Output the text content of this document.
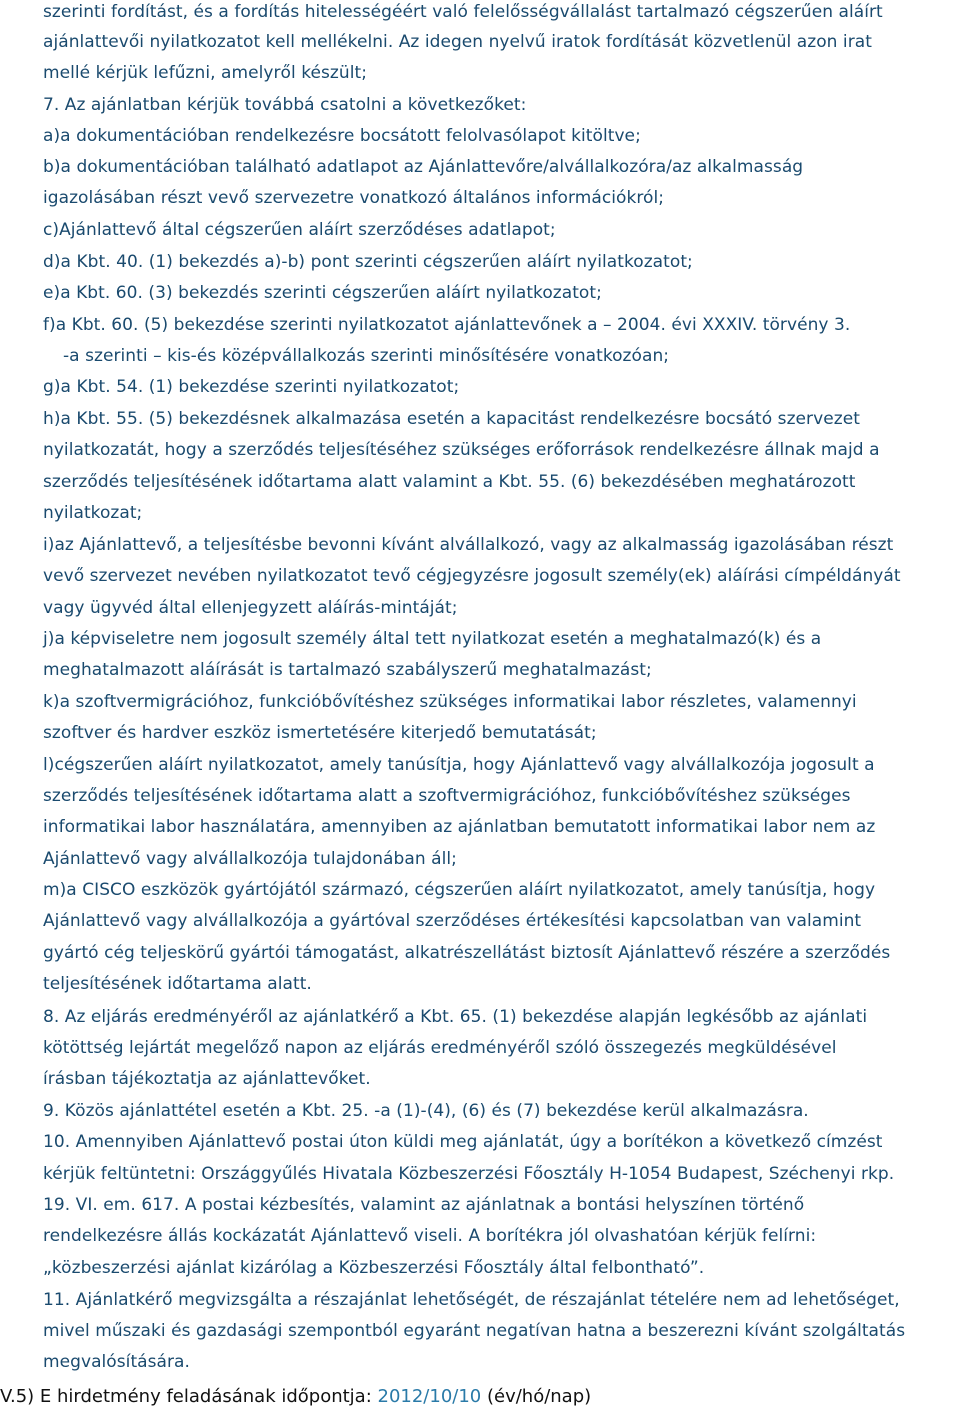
szerinti fordítást, és a fordítás hitelességéért való felelősségvállalást tartalmazó cégszerűen aláírt
ajánlattevői nyilatkozatot kell mellékelni. Az idegen nyelvű iratok fordítását közvetlenül azon irat
mellé kérjük lefűzni, amelyről készült;
7. Az ajánlatban kérjük továbbá csatolni a következőket:
a)a dokumentációban rendelkezésre bocsátott felolvasólapot kitöltve;
b)a dokumentációban található adatlapot az Ajánlattevőre/alvállalkozóra/az alkalmasság
igazolásában részt vevő szervezetre vonatkozó általános információkról;
c)Ajánlattevő által cégszerűen aláírt szerződéses adatlapot;
d)a Kbt. 40. (1) bekezdés a)-b) pont szerinti cégszerűen aláírt nyilatkozatot;
e)a Kbt. 60. (3) bekezdés szerinti cégszerűen aláírt nyilatkozatot;
f)a Kbt. 60. (5) bekezdése szerinti nyilatkozatot ajánlattevőnek a – 2004. évi XXXIV. törvény 3.
-a szerinti – kis-és középvállalkozás szerinti minősítésére vonatkozóan;
g)a Kbt. 54. (1) bekezdése szerinti nyilatkozatot;
h)a Kbt. 55. (5) bekezdésnek alkalmazása esetén a kapacitást rendelkezésre bocsátó szervezet
nyilatkozatát, hogy a szerződés teljesítéséhez szükséges erőforrások rendelkezésre állnak majd a
szerződés teljesítésének időtartama alatt valamint a Kbt. 55. (6) bekezdésében meghatározott
nyilatkozat;
i)az Ajánlattevő, a teljesítésbe bevonni kívánt alvállalkozó, vagy az alkalmasság igazolásában részt
vevő szervezet nevében nyilatkozatot tevő cégjegyzésre jogosult személy(ek) aláírási címpéldányát
vagy ügyvéd által ellenjegyzett aláírás-mintáját;
j)a képviseletre nem jogosult személy által tett nyilatkozat esetén a meghatalmazó(k) és a
meghatalmazott aláírását is tartalmazó szabályszerű meghatalmazást;
k)a szoftvermigrációhoz, funkcióbővítéshez szükséges informatikai labor részletes, valamennyi
szoftver és hardver eszköz ismertetésére kiterjedő bemutatását;
l)cégszerűen aláírt nyilatkozatot, amely tanúsítja, hogy Ajánlattevő vagy alvállalkozója jogosult a
szerződés teljesítésének időtartama alatt a szoftvermigrációhoz, funkcióbővítéshez szükséges
informatikai labor használatára, amennyiben az ajánlatban bemutatott informatikai labor nem az
Ajánlattevő vagy alvállalkozója tulajdonában áll;
m)a CISCO eszközök gyártójától származó, cégszerűen aláírt nyilatkozatot, amely tanúsítja, hogy
Ajánlattevő vagy alvállalkozója a gyártóval szerződéses értékesítési kapcsolatban van valamint
gyártó cég teljeskörű gyártói támogatást, alkatrészellátást biztosít Ajánlattevő részére a szerződés
teljesítésének időtartama alatt.
8. Az eljárás eredményéről az ajánlatkérő a Kbt. 65. (1) bekezdése alapján legkésőbb az ajánlati
kötöttség lejártát megelőző napon az eljárás eredményéről szóló összegezés megküldésével
írásban tájékoztatja az ajánlattevőket.
9. Közös ajánlattétel esetén a Kbt. 25. -a (1)-(4), (6) és (7) bekezdése kerül alkalmazásra.
10. Amennyiben Ajánlattevő postai úton küldi meg ajánlatát, úgy a borítékon a következő címzést
kérjük feltüntetni: Országgyűlés Hivatala Közbeszerzési Főosztály H-1054 Budapest, Széchenyi rkp.
19. VI. em. 617. A postai kézbesítés, valamint az ajánlatnak a bontási helyszínen történő
rendelkezésre állás kockázatát Ajánlattevő viseli. A borítékra jól olvashatóan kérjük felírni:
„közbeszerzési ajánlat kizárólag a Közbeszerzési Főosztály által felbontható”.
11. Ajánlatkérő megvizsgálta a részajánlat lehetőségét, de részajánlat tételére nem ad lehetőséget,
mivel műszaki és gazdasági szempontból egyaránt negatívan hatna a beszerezni kívánt szolgáltatás
megvalósítására.
V.5) E hirdetmény feladásának időpontja: 2012/10/10 (év/hó/nap)
